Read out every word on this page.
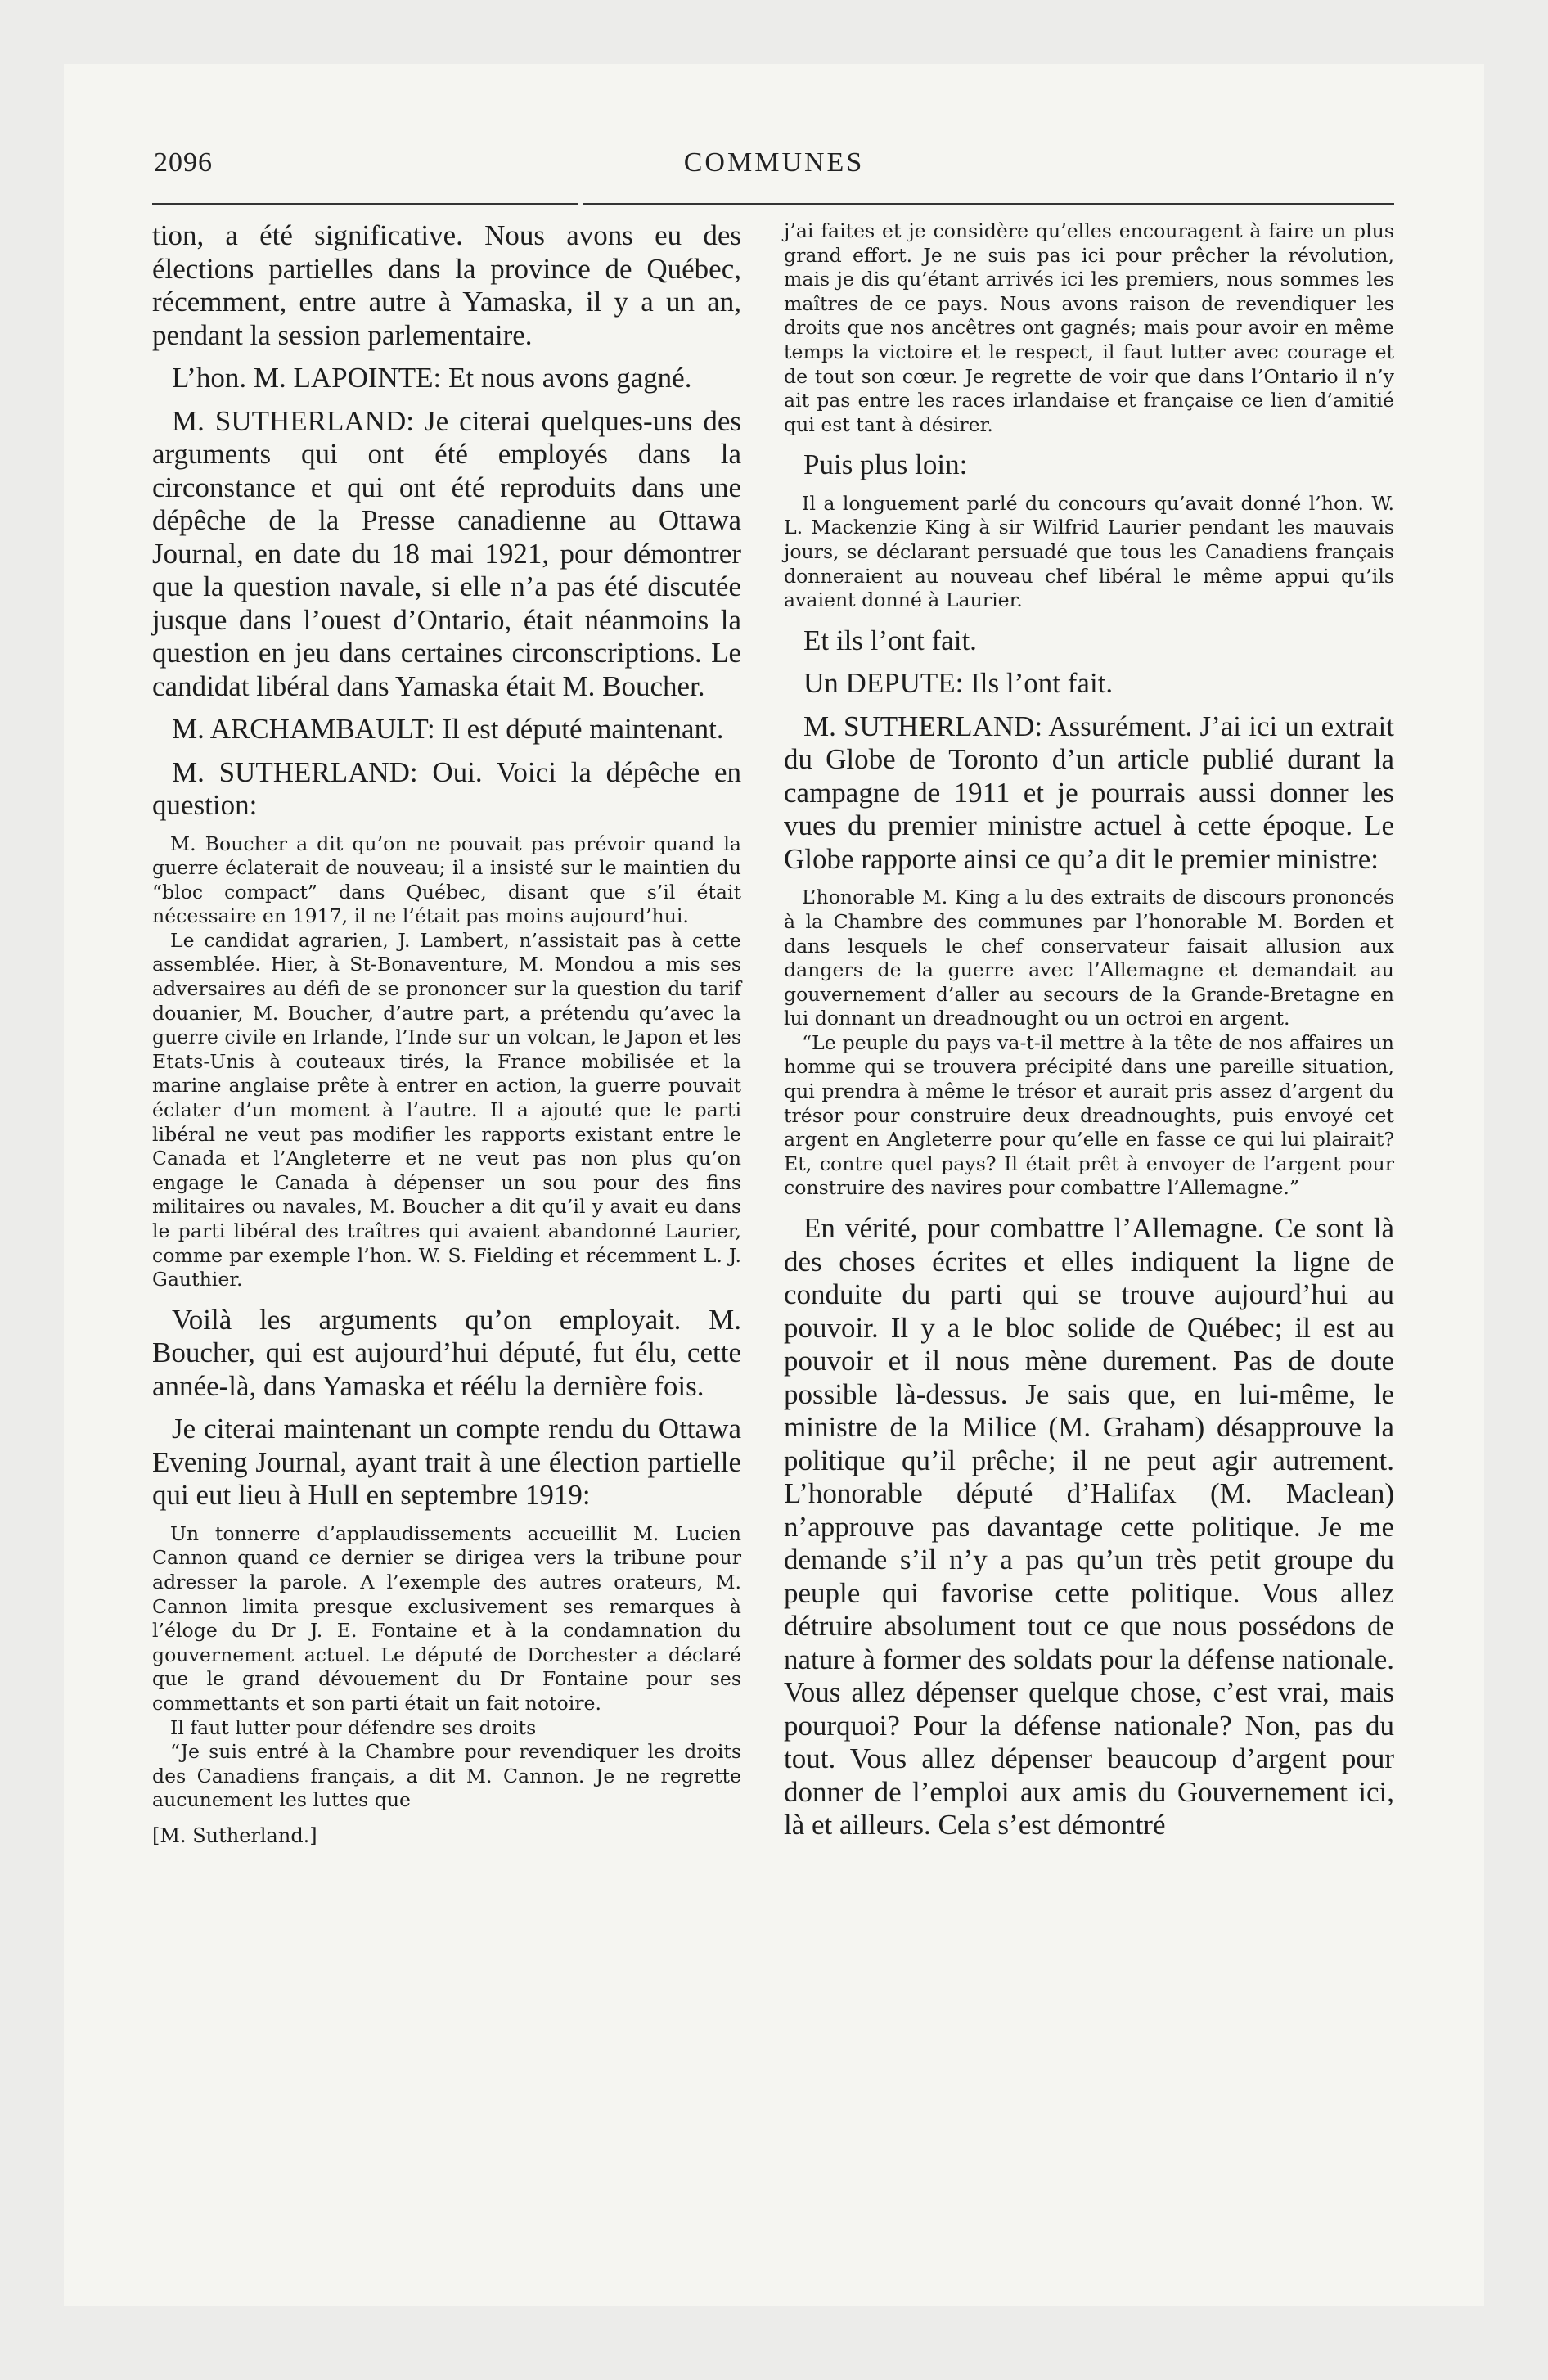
2096	COMMUNES

tion, a été significative. Nous avons eu des élections partielles dans la province de Québec, récemment, entre autre à Yamaska, il y a un an, pendant la session parlementaire.

L’hon. M. LAPOINTE: Et nous avons gagné.

M. SUTHERLAND: Je citerai quelques-uns des arguments qui ont été employés dans la circonstance et qui ont été reproduits dans une dépêche de la Presse canadienne au Ottawa Journal, en date du 18 mai 1921, pour démontrer que la question navale, si elle n’a pas été discutée jusque dans l’ouest d’Ontario, était néanmoins la question en jeu dans certaines circonscriptions. Le candidat libéral dans Yamaska était M. Boucher.

M. ARCHAMBAULT: Il est député maintenant.

M. SUTHERLAND: Oui. Voici la dépêche en question:

M. Boucher a dit qu’on ne pouvait pas prévoir quand la guerre éclaterait de nouveau; il a insisté sur le maintien du “bloc compact” dans Québec, disant que s’il était nécessaire en 1917, il ne l’était pas moins aujourd’hui.

Le candidat agrarien, J. Lambert, n’assistait pas à cette assemblée. Hier, à St-Bonaventure, M. Mondou a mis ses adversaires au défi de se prononcer sur la question du tarif douanier, M. Boucher, d’autre part, a prétendu qu’avec la guerre civile en Irlande, l’Inde sur un volcan, le Japon et les Etats-Unis à couteaux tirés, la France mobilisée et la marine anglaise prête à entrer en action, la guerre pouvait éclater d’un moment à l’autre. Il a ajouté que le parti libéral ne veut pas modifier les rapports existant entre le Canada et l’Angleterre et ne veut pas non plus qu’on engage le Canada à dépenser un sou pour des fins militaires ou navales, M. Boucher a dit qu’il y avait eu dans le parti libéral des traîtres qui avaient abandonné Laurier, comme par exemple l’hon. W. S. Fielding et récemment L. J. Gauthier.

Voilà les arguments qu’on employait. M. Boucher, qui est aujourd’hui député, fut élu, cette année-là, dans Yamaska et réélu la dernière fois.

Je citerai maintenant un compte rendu du Ottawa Evening Journal, ayant trait à une élection partielle qui eut lieu à Hull en septembre 1919:

Un tonnerre d’applaudissements accueillit M. Lucien Cannon quand ce dernier se dirigea vers la tribune pour adresser la parole. A l’exemple des autres orateurs, M. Cannon limita presque exclusivement ses remarques à l’éloge du Dr J. E. Fontaine et à la condamnation du gouvernement actuel. Le député de Dorchester a déclaré que le grand dévouement du Dr Fontaine pour ses commettants et son parti était un fait notoire.

Il faut lutter pour défendre ses droits

“Je suis entré à la Chambre pour revendiquer les droits des Canadiens français, a dit M. Cannon. Je ne regrette aucunement les luttes que

[M. Sutherland.]

j’ai faites et je considère qu’elles encouragent à faire un plus grand effort. Je ne suis pas ici pour prêcher la révolution, mais je dis qu’étant arrivés ici les premiers, nous sommes les maîtres de ce pays. Nous avons raison de revendiquer les droits que nos ancêtres ont gagnés; mais pour avoir en même temps la victoire et le respect, il faut lutter avec courage et de tout son cœur. Je regrette de voir que dans l’Ontario il n’y ait pas entre les races irlandaise et française ce lien d’amitié qui est tant à désirer.

Puis plus loin:

Il a longuement parlé du concours qu’avait donné l’hon. W. L. Mackenzie King à sir Wilfrid Laurier pendant les mauvais jours, se déclarant persuadé que tous les Canadiens français donneraient au nouveau chef libéral le même appui qu’ils avaient donné à Laurier.

Et ils l’ont fait.

Un DEPUTE: Ils l’ont fait.

M. SUTHERLAND: Assurément. J’ai ici un extrait du Globe de Toronto d’un article publié durant la campagne de 1911 et je pourrais aussi donner les vues du premier ministre actuel à cette époque. Le Globe rapporte ainsi ce qu’a dit le premier ministre:

L’honorable M. King a lu des extraits de discours prononcés à la Chambre des communes par l’honorable M. Borden et dans lesquels le chef conservateur faisait allusion aux dangers de la guerre avec l’Allemagne et demandait au gouvernement d’aller au secours de la Grande-Bretagne en lui donnant un dreadnought ou un octroi en argent.

“Le peuple du pays va-t-il mettre à la tête de nos affaires un homme qui se trouvera précipité dans une pareille situation, qui prendra à même le trésor et aurait pris assez d’argent du trésor pour construire deux dreadnoughts, puis envoyé cet argent en Angleterre pour qu’elle en fasse ce qui lui plairait? Et, contre quel pays? Il était prêt à envoyer de l’argent pour construire des navires pour combattre l’Allemagne.”

En vérité, pour combattre l’Allemagne. Ce sont là des choses écrites et elles indiquent la ligne de conduite du parti qui se trouve aujourd’hui au pouvoir. Il y a le bloc solide de Québec; il est au pouvoir et il nous mène durement. Pas de doute possible là-dessus. Je sais que, en lui-même, le ministre de la Milice (M. Graham) désapprouve la politique qu’il prêche; il ne peut agir autrement. L’honorable député d’Halifax (M. Maclean) n’approuve pas davantage cette politique. Je me demande s’il n’y a pas qu’un très petit groupe du peuple qui favorise cette politique. Vous allez détruire absolument tout ce que nous possédons de nature à former des soldats pour la défense nationale. Vous allez dépenser quelque chose, c’est vrai, mais pourquoi? Pour la défense nationale? Non, pas du tout. Vous allez dépenser beaucoup d’argent pour donner de l’emploi aux amis du Gouvernement ici, là et ailleurs. Cela s’est démontré
